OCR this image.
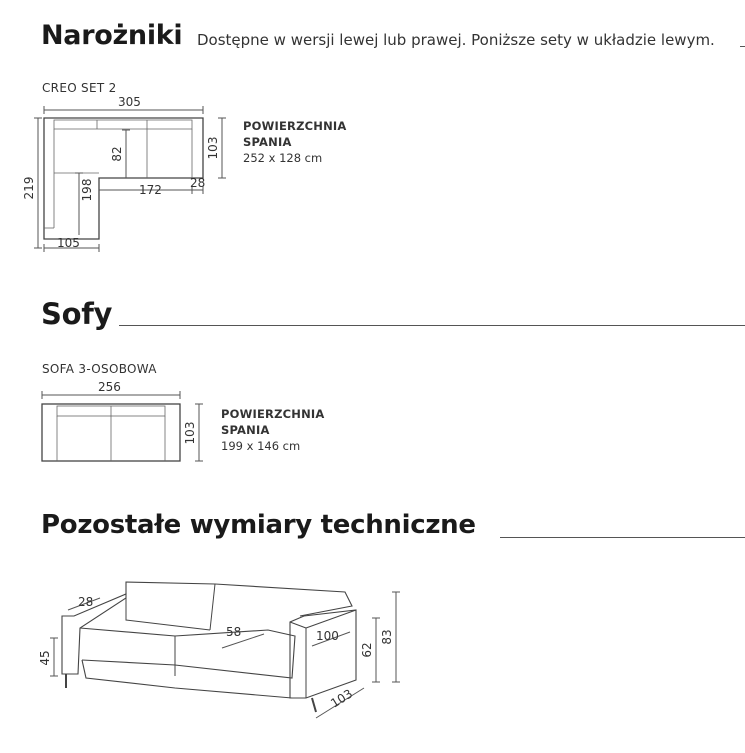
Narożniki Dostępne w wersji lewej lub prawej. Poniższe sety w układzie lewym.
CREO SET 2
305
219
82	103
198	172 28
105
POWIERZCHNIA
SPANIA
252 x 128 cm
Sofy
SOFA 3-OSOBOWA
256
103
POWIERZCHNIA
SPANIA
199 x 146 cm
Pozostałe wymiary techniczne
28
58	100
45
62
83
103
